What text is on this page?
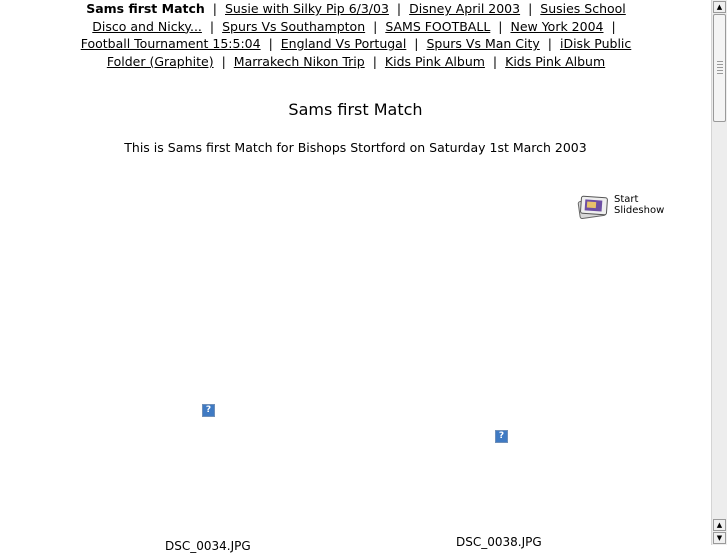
Sams first Match | Susie with Silky Pip 6/3/03 | Disney April 2003 | Susies School Disco and Nicky... | Spurs Vs Southampton | SAMS FOOTBALL | New York 2004 | Football Tournament 15:5:04 | England Vs Portugal | Spurs Vs Man City | iDisk Public Folder (Graphite) | Marrakech Nikon Trip | Kids Pink Album | Kids Pink Album
Sams first Match
This is Sams first Match for Bishops Stortford on Saturday 1st March 2003
Start
Slideshow
?
?
DSC_0034.JPG	DSC_0038.JPG
▲
▲
▼
